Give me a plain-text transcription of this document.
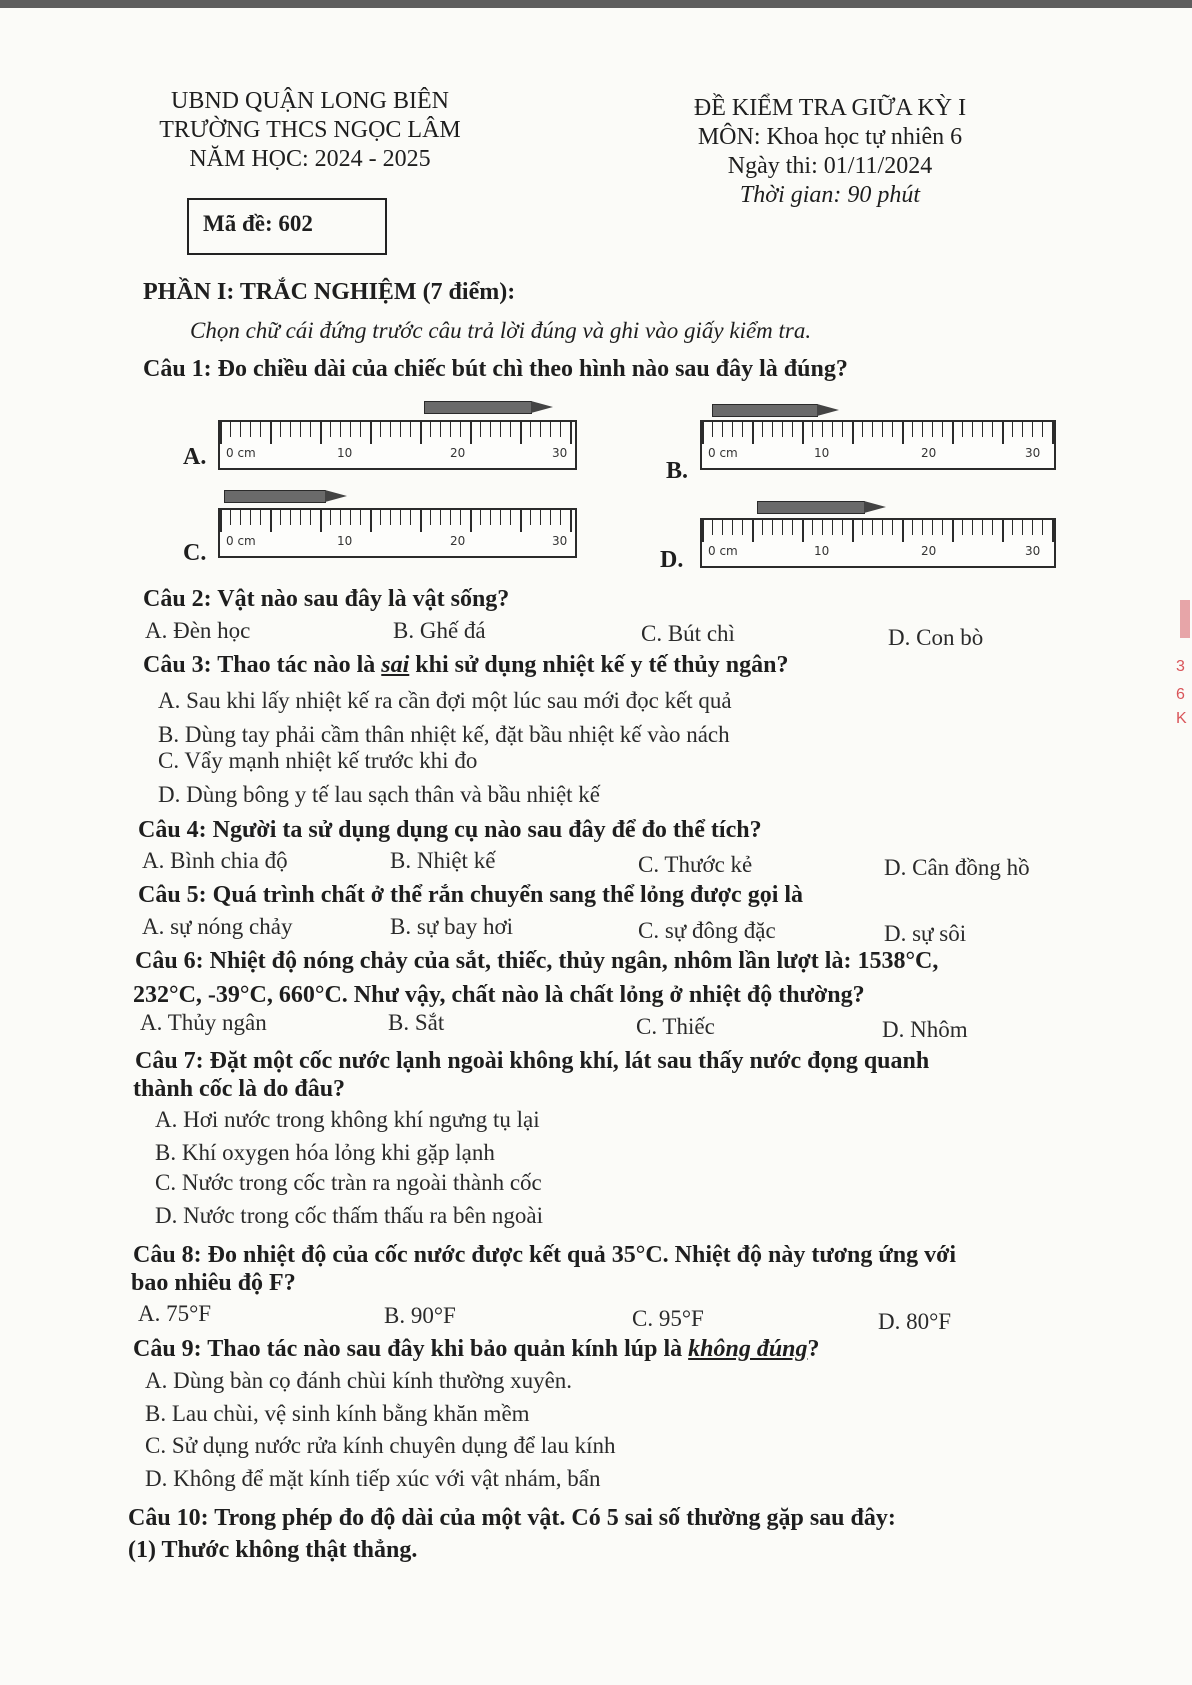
UBND QUẬN LONG BIÊN
TRƯỜNG THCS NGỌC LÂM
NĂM HỌC: 2024 - 2025
Mã đề: 602
ĐỀ KIỂM TRA GIỮA KỲ I
MÔN: Khoa học tự nhiên 6
Ngày thi: 01/11/2024
Thời gian: 90 phút
PHẦN I: TRẮC NGHIỆM (7 điểm):
Chọn chữ cái đứng trước câu trả lời đúng và ghi vào giấy kiểm tra.
Câu 1: Đo chiều dài của chiếc bút chì theo hình nào sau đây là đúng?
A. 0 cm	10	20	30
B.
0 cm	10	20	30
C. 0 cm	10	20	30
D. 0 cm	10	20	30
Câu 2: Vật nào sau đây là vật sống?
A. Đèn học	B. Ghế đá	C. Bút chì	D. Con bò
Câu 3: Thao tác nào là sai khi sử dụng nhiệt kế y tế thủy ngân?
A. Sau khi lấy nhiệt kế ra cần đợi một lúc sau mới đọc kết quả
B. Dùng tay phải cầm thân nhiệt kế, đặt bầu nhiệt kế vào nách
C. Vẩy mạnh nhiệt kế trước khi đo
D. Dùng bông y tế lau sạch thân và bầu nhiệt kế
Câu 4: Người ta sử dụng dụng cụ nào sau đây để đo thể tích?
A. Bình chia độ	B. Nhiệt kế	C. Thước kẻ	D. Cân đồng hồ
Câu 5: Quá trình chất ở thể rắn chuyển sang thể lỏng được gọi là
A. sự nóng chảy	B. sự bay hơi	C. sự đông đặc	D. sự sôi
Câu 6: Nhiệt độ nóng chảy của sắt, thiếc, thủy ngân, nhôm lần lượt là: 1538°C,
232°C, -39°C, 660°C. Như vậy, chất nào là chất lỏng ở nhiệt độ thường?
A. Thủy ngân	B. Sắt	C. Thiếc	D. Nhôm
Câu 7: Đặt một cốc nước lạnh ngoài không khí, lát sau thấy nước đọng quanh
thành cốc là do đâu?
A. Hơi nước trong không khí ngưng tụ lại
B. Khí oxygen hóa lỏng khi gặp lạnh
C. Nước trong cốc tràn ra ngoài thành cốc
D. Nước trong cốc thấm thấu ra bên ngoài
Câu 8: Đo nhiệt độ của cốc nước được kết quả 35°C. Nhiệt độ này tương ứng với
bao nhiêu độ F?
A. 75°F	B. 90°F	C. 95°F	D. 80°F
Câu 9: Thao tác nào sau đây khi bảo quản kính lúp là không đúng?
A. Dùng bàn cọ đánh chùi kính thường xuyên.
B. Lau chùi, vệ sinh kính bằng khăn mềm
C. Sử dụng nước rửa kính chuyên dụng để lau kính
D. Không để mặt kính tiếp xúc với vật nhám, bẩn
Câu 10: Trong phép đo độ dài của một vật. Có 5 sai số thường gặp sau đây:
(1) Thước không thật thẳng.
3
6
K
